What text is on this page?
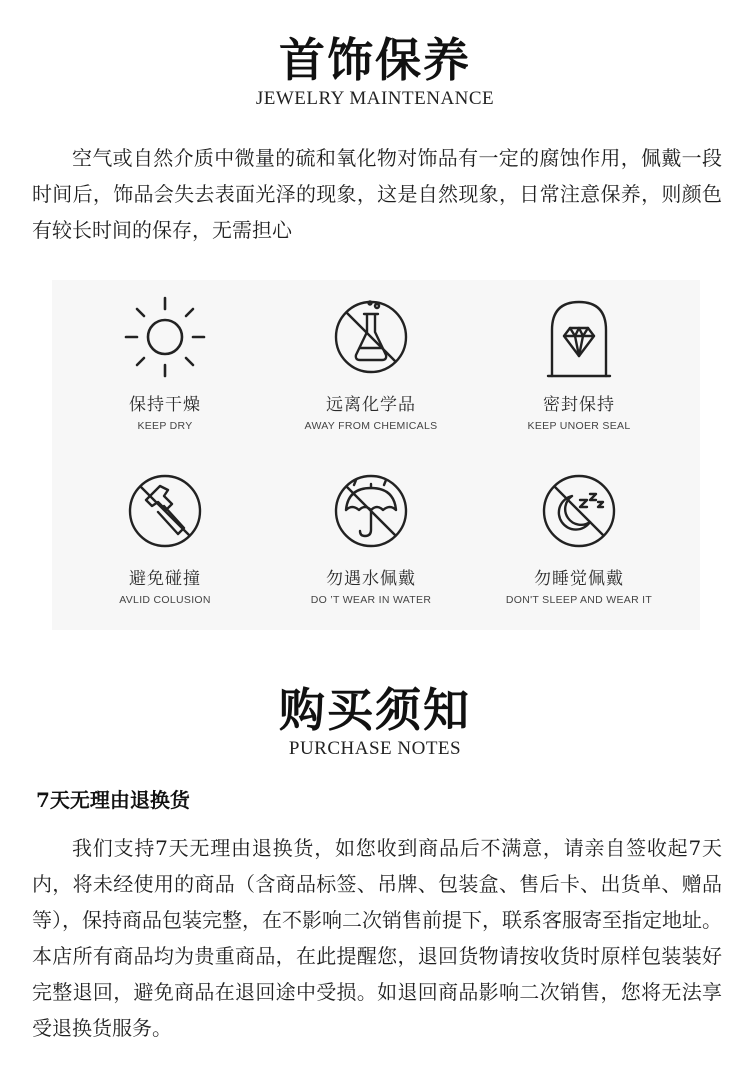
首饰保养
JEWELRY MAINTENANCE
空气或自然介质中微量的硫和氧化物对饰品有一定的腐蚀作用，佩戴一段时间后，饰品会失去表面光泽的现象，这是自然现象，日常注意保养，则颜色有较长时间的保存，无需担心
保持干燥
KEEP DRY
远离化学品
AWAY FROM CHEMICALS
密封保持
KEEP UNOER SEAL
避免碰撞
AVLID COLUSION
勿遇水佩戴
DO ’T WEAR IN WATER
勿睡觉佩戴
DON'T SLEEP AND WEAR IT
购买须知
PURCHASE NOTES
7天无理由退换货
我们支持7天无理由退换货，如您收到商品后不满意，请亲自签收起7天内，将未经使用的商品（含商品标签、吊牌、包装盒、售后卡、出货单、赠品等），保持商品包装完整，在不影响二次销售前提下，联系客服寄至指定地址。本店所有商品均为贵重商品，在此提醒您，退回货物请按收货时原样包装装好完整退回，避免商品在退回途中受损。如退回商品影响二次销售，您将无法享受退换货服务。
